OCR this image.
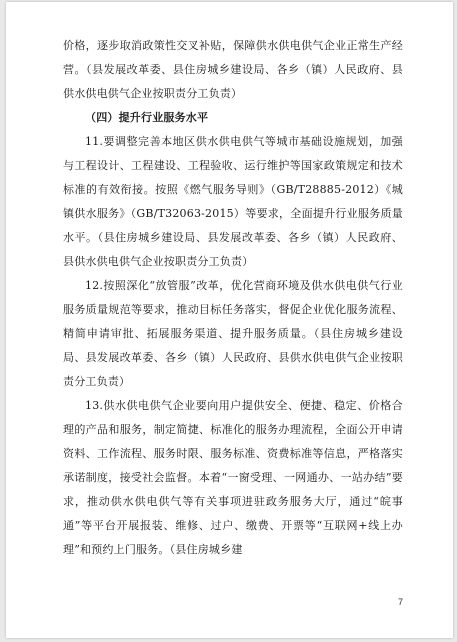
价格，逐步取消政策性交叉补贴，保障供水供电供气企业正常生产经营。（县发展改革委、县住房城乡建设局、各乡（镇）人民政府、县供水供电供气企业按职责分工负责）

（四）提升行业服务水平

11.要调整完善本地区供水供电供气等城市基础设施规划，加强与工程设计、工程建设、工程验收、运行维护等国家政策规定和技术标准的有效衔接。按照《燃气服务导则》（GB/T28885-2012）《城镇供水服务》（GB/T32063-2015）等要求，全面提升行业服务质量水平。（县住房城乡建设局、县发展改革委、各乡（镇）人民政府、县供水供电供气企业按职责分工负责）

12.按照深化“放管服”改革，优化营商环境及供水供电供气行业服务质量规范等要求，推动目标任务落实，督促企业优化服务流程、精简申请审批、拓展服务渠道、提升服务质量。（县住房城乡建设局、县发展改革委、各乡（镇）人民政府、县供水供电供气企业按职责分工负责）

13.供水供电供气企业要向用户提供安全、便捷、稳定、价格合理的产品和服务，制定简捷、标准化的服务办理流程，全面公开申请资料、工作流程、服务时限、服务标准、资费标准等信息，严格落实承诺制度，接受社会监督。本着“一窗受理、一网通办、一站办结”要求，推动供水供电供气等有关事项进驻政务服务大厅，通过“皖事通”等平台开展报装、维修、过户、缴费、开票等“互联网+线上办理”和预约上门服务。（县住房城乡建

7
